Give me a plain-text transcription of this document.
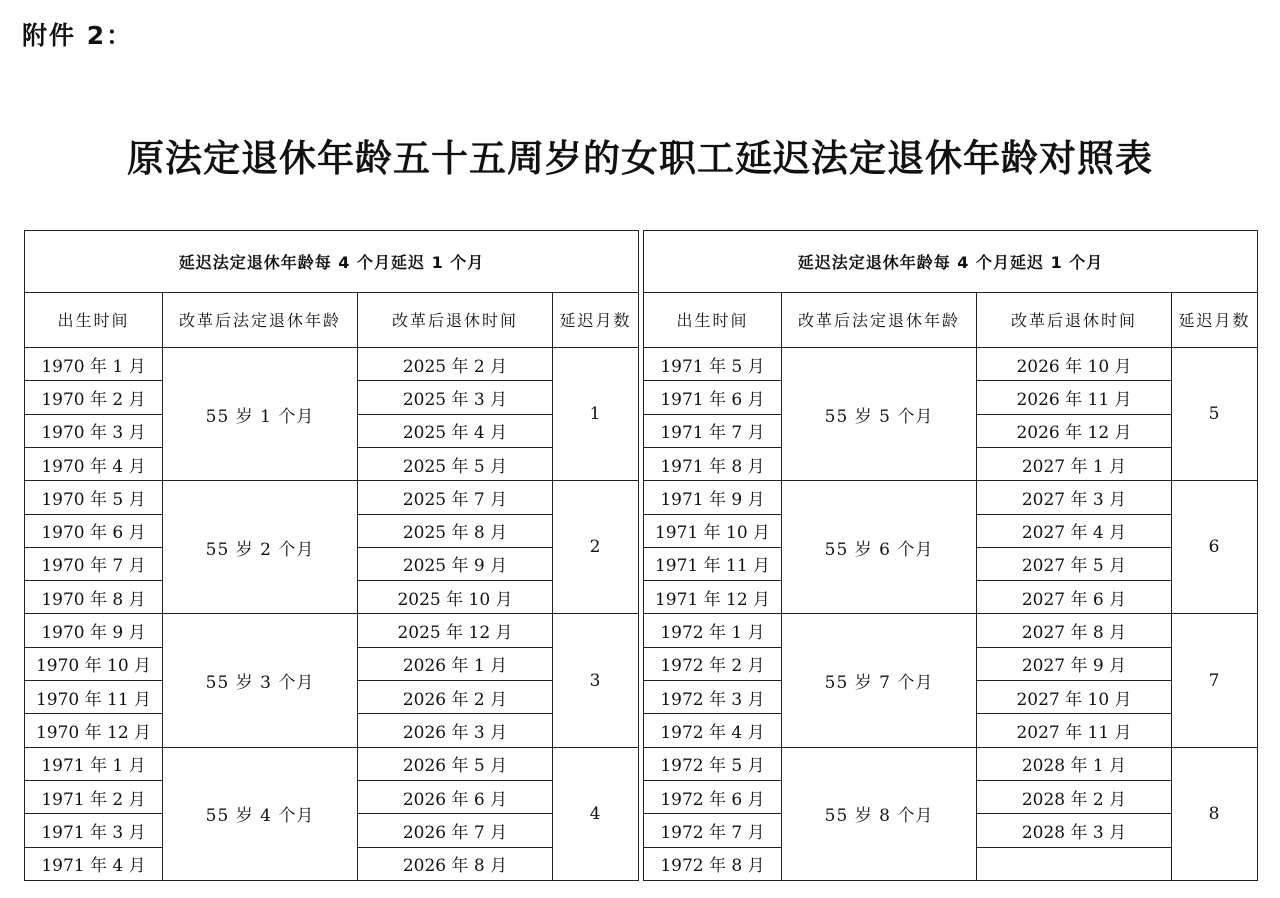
附件 2：
原法定退休年龄五十五周岁的女职工延迟法定退休年龄对照表
延迟法定退休年龄每 4 个月延迟 1 个月			
出生时间	改革后法定退休年龄	改革后退休时间	延迟月数
1970 年 1 月	55 岁 1 个月	2025 年 2 月	1
1970 年 2 月		2025 年 3 月	
1970 年 3 月		2025 年 4 月	
1970 年 4 月		2025 年 5 月	
1970 年 5 月	55 岁 2 个月	2025 年 7 月	2
1970 年 6 月		2025 年 8 月	
1970 年 7 月		2025 年 9 月	
1970 年 8 月		2025 年 10 月	
1970 年 9 月	55 岁 3 个月	2025 年 12 月	3
1970 年 10 月		2026 年 1 月	
1970 年 11 月		2026 年 2 月	
1970 年 12 月		2026 年 3 月	
1971 年 1 月	55 岁 4 个月	2026 年 5 月	4
1971 年 2 月		2026 年 6 月	
1971 年 3 月		2026 年 7 月	
1971 年 4 月		2026 年 8 月	
延迟法定退休年龄每 4 个月延迟 1 个月			
出生时间	改革后法定退休年龄	改革后退休时间	延迟月数
1971 年 5 月	55 岁 5 个月	2026 年 10 月	5
1971 年 6 月		2026 年 11 月	
1971 年 7 月		2026 年 12 月	
1971 年 8 月		2027 年 1 月	
1971 年 9 月	55 岁 6 个月	2027 年 3 月	6
1971 年 10 月		2027 年 4 月	
1971 年 11 月		2027 年 5 月	
1971 年 12 月		2027 年 6 月	
1972 年 1 月	55 岁 7 个月	2027 年 8 月	7
1972 年 2 月		2027 年 9 月	
1972 年 3 月		2027 年 10 月	
1972 年 4 月		2027 年 11 月	
1972 年 5 月	55 岁 8 个月	2028 年 1 月	8
1972 年 6 月		2028 年 2 月	
1972 年 7 月		2028 年 3 月	
1972 年 8 月			
